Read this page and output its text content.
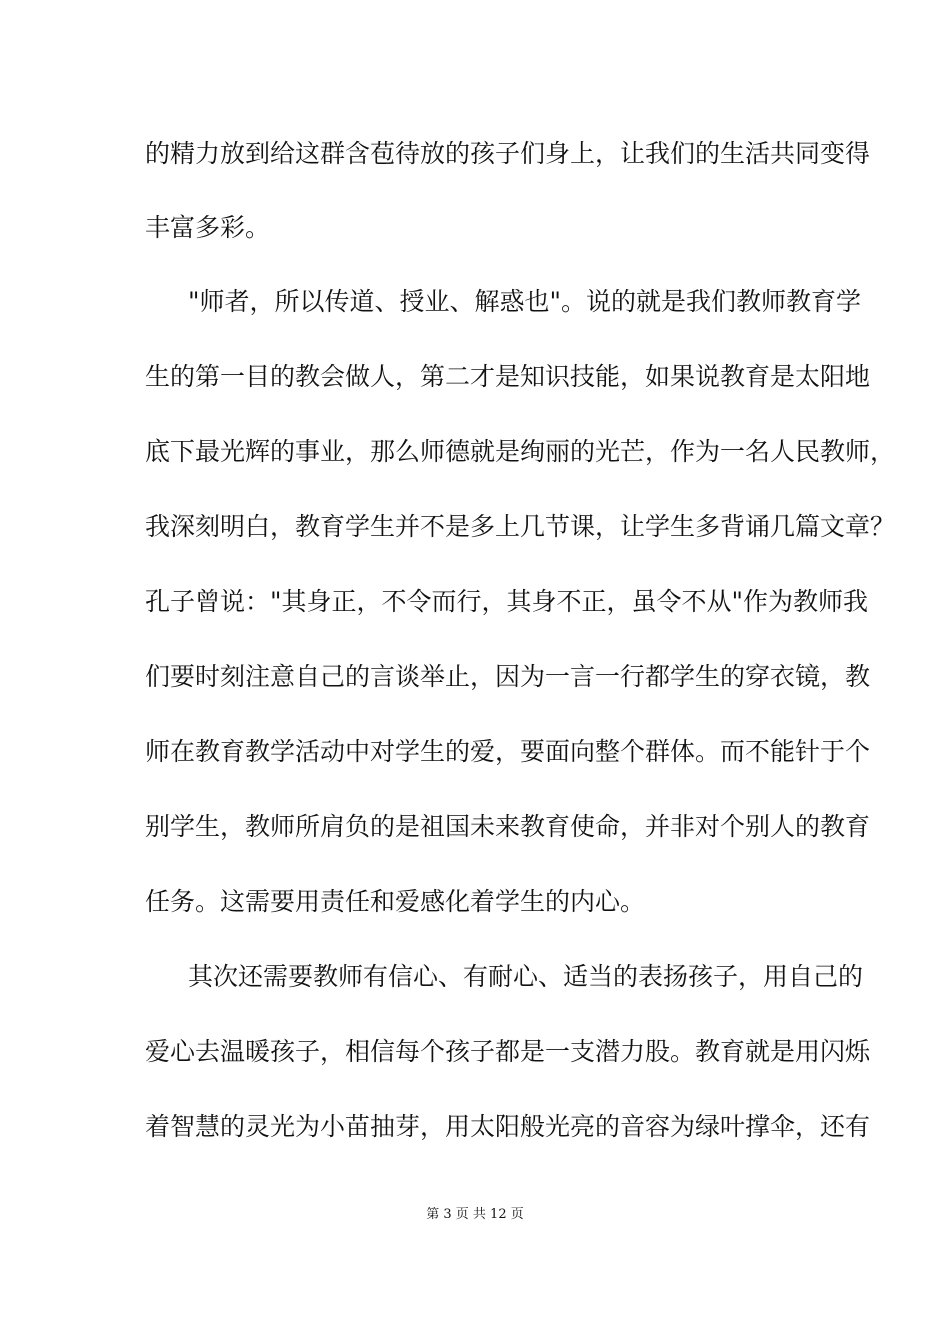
的精力放到给这群含苞待放的孩子们身上，让我们的生活共同变得
丰富多彩。
"师者，所以传道、授业、解惑也"。说的就是我们教师教育学
生的第一目的教会做人，第二才是知识技能，如果说教育是太阳地
底下最光辉的事业，那么师德就是绚丽的光芒，作为一名人民教师，
我深刻明白，教育学生并不是多上几节课，让学生多背诵几篇文章？
孔子曾说："其身正，不令而行，其身不正，虽令不从"作为教师我
们要时刻注意自己的言谈举止，因为一言一行都学生的穿衣镜，教
师在教育教学活动中对学生的爱，要面向整个群体。而不能针于个
别学生，教师所肩负的是祖国未来教育使命，并非对个别人的教育
任务。这需要用责任和爱感化着学生的内心。
其次还需要教师有信心、有耐心、适当的表扬孩子，用自己的
爱心去温暖孩子，相信每个孩子都是一支潜力股。教育就是用闪烁
着智慧的灵光为小苗抽芽，用太阳般光亮的音容为绿叶撑伞，还有
第 3 页 共 12 页
